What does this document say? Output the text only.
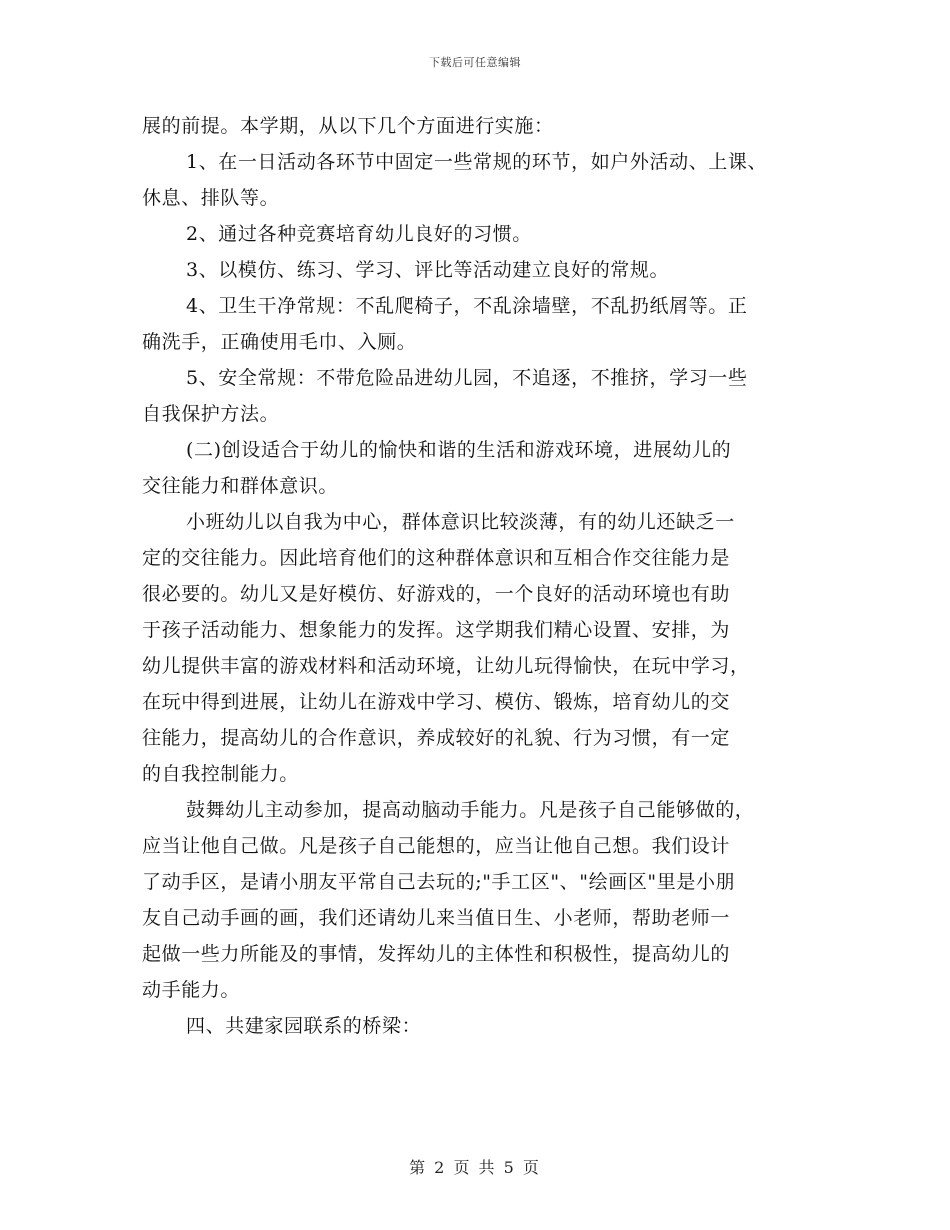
下载后可任意编辑
展的前提。本学期，从以下几个方面进行实施：
1、在一日活动各环节中固定一些常规的环节，如户外活动、上课、
休息、排队等。
2、通过各种竞赛培育幼儿良好的习惯。
3、以模仿、练习、学习、评比等活动建立良好的常规。
4、卫生干净常规：不乱爬椅子，不乱涂墙壁，不乱扔纸屑等。正
确洗手，正确使用毛巾、入厕。
5、安全常规：不带危险品进幼儿园，不追逐，不推挤，学习一些
自我保护方法。
(二)创设适合于幼儿的愉快和谐的生活和游戏环境，进展幼儿的
交往能力和群体意识。
小班幼儿以自我为中心，群体意识比较淡薄，有的幼儿还缺乏一
定的交往能力。因此培育他们的这种群体意识和互相合作交往能力是
很必要的。幼儿又是好模仿、好游戏的，一个良好的活动环境也有助
于孩子活动能力、想象能力的发挥。这学期我们精心设置、安排，为
幼儿提供丰富的游戏材料和活动环境，让幼儿玩得愉快，在玩中学习，
在玩中得到进展，让幼儿在游戏中学习、模仿、锻炼，培育幼儿的交
往能力，提高幼儿的合作意识，养成较好的礼貌、行为习惯，有一定
的自我控制能力。
鼓舞幼儿主动参加，提高动脑动手能力。凡是孩子自己能够做的，
应当让他自己做。凡是孩子自己能想的，应当让他自己想。我们设计
了动手区，是请小朋友平常自己去玩的;"手工区"、"绘画区"里是小朋
友自己动手画的画，我们还请幼儿来当值日生、小老师，帮助老师一
起做一些力所能及的事情，发挥幼儿的主体性和积极性，提高幼儿的
动手能力。
四、共建家园联系的桥梁：
第 2 页 共 5 页
